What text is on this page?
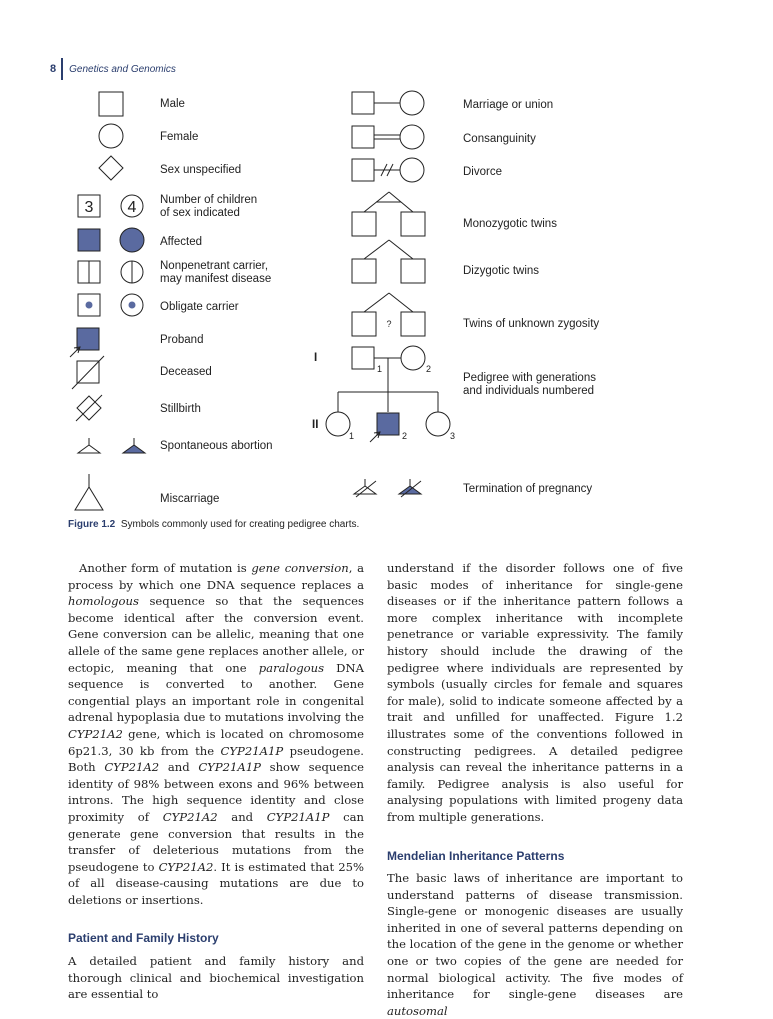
8 Genetics and Genomics
3 4
?
I
II
1	2
1	2	3
Male
Female
Sex unspecified
Number of children
of sex indicated
Affected
Nonpenetrant carrier,
may manifest disease
Obligate carrier
Proband
Deceased
Stillbirth
Spontaneous abortion
Miscarriage
Marriage or union
Consanguinity
Divorce
Monozygotic twins
Dizygotic twins
Twins of unknown zygosity
Pedigree with generations
and individuals numbered
Termination of pregnancy
Figure 1.2 Symbols commonly used for creating pedigree charts.

Another form of mutation is gene conversion, a process by which one DNA sequence replaces a homologous sequence so that the sequences become identical after the conversion event. Gene conversion can be allelic, meaning that one allele of the same gene replaces another allele, or ectopic, meaning that one paralogous DNA sequence is converted to another. Gene congential plays an important role in congenital adrenal hypoplasia due to mutations involving the CYP21A2 gene, which is located on chromosome 6p21.3, 30 kb from the CYP21A1P pseudogene. Both CYP21A2 and CYP21A1P show sequence identity of 98% between exons and 96% between introns. The high sequence identity and close proximity of CYP21A2 and CYP21A1P can generate gene conversion that results in the transfer of deleterious mutations from the pseudogene to CYP21A2. It is estimated that 25% of all disease-causing mutations are due to deletions or insertions.

Patient and Family History

A detailed patient and family history and thorough clinical and biochemical investigation are essential to

understand if the disorder follows one of five basic modes of inheritance for single-gene diseases or if the inheritance pattern follows a more complex inheritance with incomplete penetrance or variable expressivity. The family history should include the drawing of the pedigree where individuals are represented by symbols (usually circles for female and squares for male), solid to indicate someone affected by a trait and unfilled for unaffected. Figure 1.2 illustrates some of the conventions followed in constructing pedigrees. A detailed pedigree analysis can reveal the inheritance patterns in a family. Pedigree analysis is also useful for analysing populations with limited progeny data from multiple generations.

Mendelian Inheritance Patterns

The basic laws of inheritance are important to understand patterns of disease transmission. Single-gene or monogenic diseases are usually inherited in one of several patterns depending on the location of the gene in the genome or whether one or two copies of the gene are needed for normal biological activity. The five modes of inheritance for single-gene diseases are autosomal
